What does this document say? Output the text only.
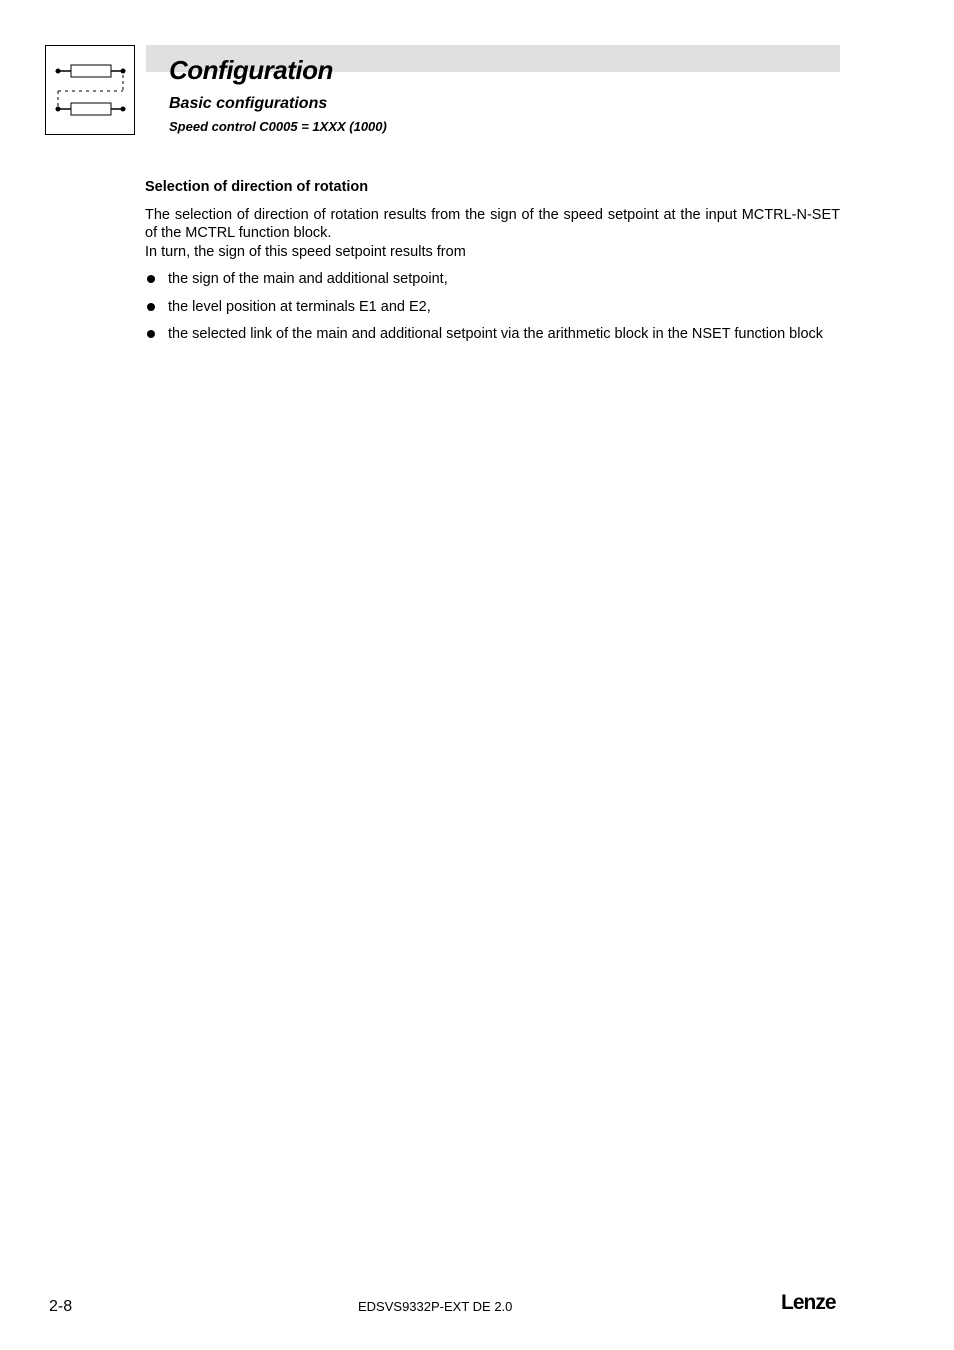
Configuration
Basic configurations
Speed control C0005 = 1XXX (1000)
Selection of direction of rotation

The selection of direction of rotation results from the sign of the speed setpoint at the input MCTRL-N-SET of the MCTRL function block.

In turn, the sign of this speed setpoint results from

the sign of the main and additional setpoint,
the level position at terminals E1 and E2,
the selected link of the main and additional setpoint via the arithmetic block in the NSET function block
2-8	EDSVS9332P-EXT DE 2.0	Lenze
